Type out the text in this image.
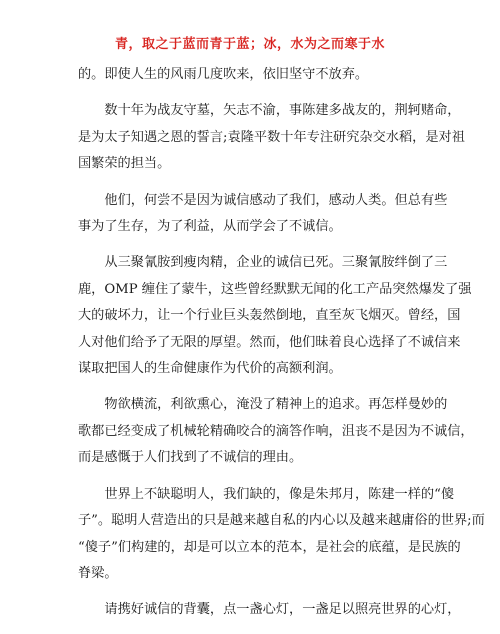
青，取之于蓝而青于蓝；冰，水为之而寒于水

的。即使人生的风雨几度吹来，依旧坚守不放弃。

数十年为战友守墓，矢志不渝，事陈建多战友的，荆轲赌命，
是为太子知遇之恩的誓言;袁隆平数十年专注研究杂交水稻，是对祖
国繁荣的担当。

他们，何尝不是因为诚信感动了我们，感动人类。但总有些
事为了生存，为了利益，从而学会了不诚信。

从三聚氰胺到瘦肉精，企业的诚信已死。三聚氰胺绊倒了三
鹿，OMP 缠住了蒙牛，这些曾经默默无闻的化工产品突然爆发了强
大的破坏力，让一个行业巨头轰然倒地，直至灰飞烟灭。曾经，国
人对他们给予了无限的厚望。然而，他们昧着良心选择了不诚信来
谋取把国人的生命健康作为代价的高额利润。

物欲横流，利欲熏心，淹没了精神上的追求。再怎样曼妙的
歌都已经变成了机械轮精确咬合的滴答作响，沮丧不是因为不诚信，
而是感慨于人们找到了不诚信的理由。

世界上不缺聪明人，我们缺的，像是朱邦月，陈建一样的“傻
子”。聪明人营造出的只是越来越自私的内心以及越来越庸俗的世界;而
“傻子”们构建的，却是可以立本的范本，是社会的底蕴，是民族的
脊梁。

请携好诚信的背囊，点一盏心灯，一盏足以照亮世界的心灯，
